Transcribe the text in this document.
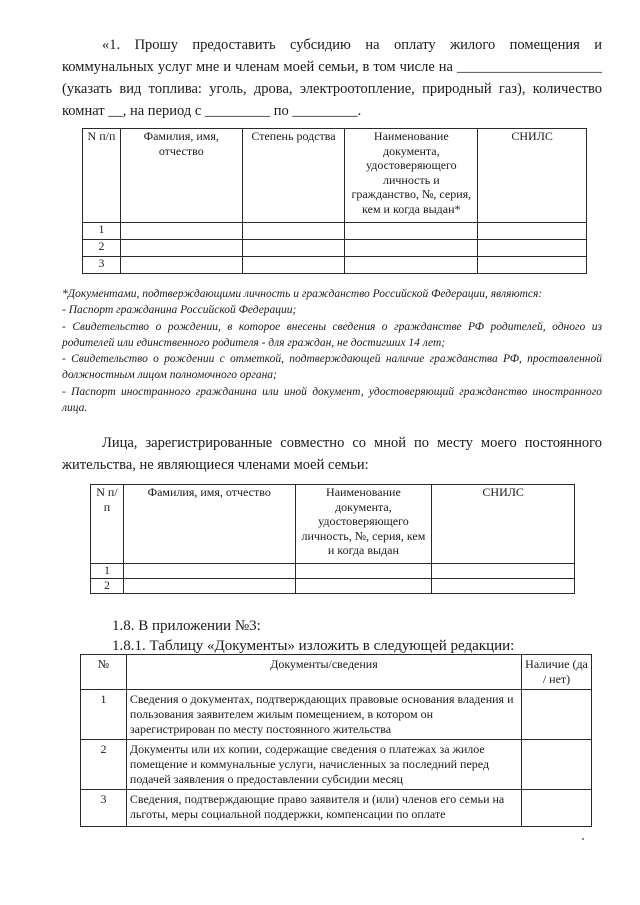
«1. Прошу предоставить субсидию на оплату жилого помещения и коммунальных услуг мне и членам моей семьи, в том числе на ____________________ (указать вид топлива: уголь, дрова, электроотопление, природный газ), количество комнат __, на период с _________ по _________.
N п/п	Фамилия, имя, отчество	Степень родства	Наименование документа, удостоверяющего личность и гражданство, №, серия, кем и когда выдан*	СНИЛС
1				
2				
3				
*Документами, подтверждающими личность и гражданство Российской Федерации, являются:
- Паспорт гражданина Российской Федерации;
- Свидетельство о рождении, в которое внесены сведения о гражданстве РФ родителей, одного из родителей или единственного родителя - для граждан, не достигших 14 лет;
- Свидетельство о рождении с отметкой, подтверждающей наличие гражданства РФ, проставленной должностным лицом полномочного органа;
- Паспорт иностранного гражданина или иной документ, удостоверяющий гражданство иностранного лица.
Лица, зарегистрированные совместно со мной по месту моего постоянного жительства, не являющиеся членами моей семьи:
N п/п	Фамилия, имя, отчество	Наименование документа, удостоверяющего личность, №, серия, кем и когда выдан	СНИЛС
1			
2			
1.8. В приложении №3:
1.8.1. Таблицу «Документы» изложить в следующей редакции:
№	Документы/сведения	Наличие (да / нет)
1	Сведения о документах, подтверждающих правовые основания владения и пользования заявителем жилым помещением, в котором он зарегистрирован по месту постоянного жительства	
2	Документы или их копии, содержащие сведения о платежах за жилое помещение и коммунальные услуги, начисленных за последний перед подачей заявления о предоставлении субсидии месяц	
3	Сведения, подтверждающие право заявителя и (или) членов его семьи на льготы, меры социальной поддержки, компенсации по оплате	
